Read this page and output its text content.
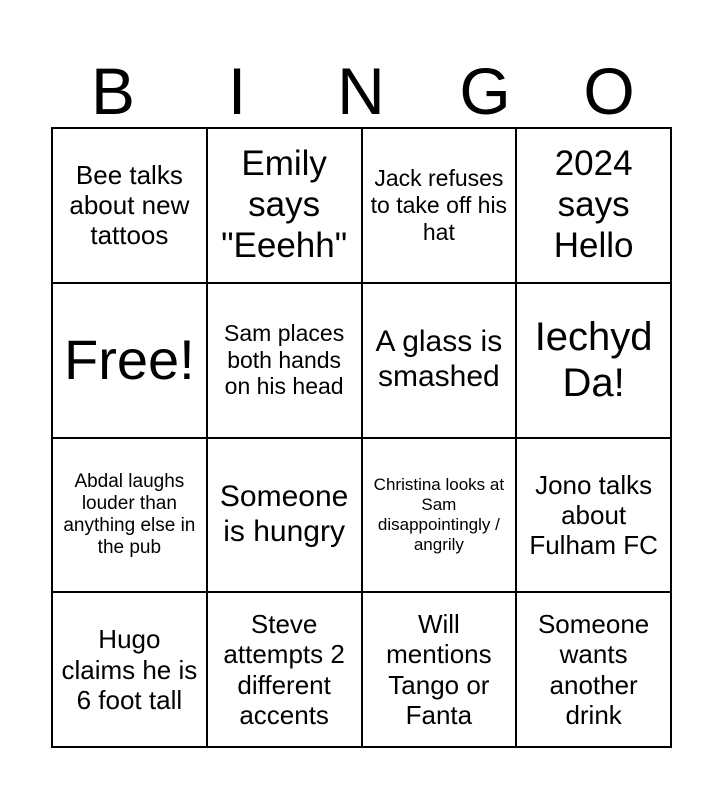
B	I	N	G	O
Bee talks about new tattoos
Emily says "Eeehh"
Jack refuses to take off his hat
2024 says Hello
Free!	Sam places both hands on his head
A glass is smashed
Iechyd Da!
Abdal laughs louder than anything else in the pub
Someone is hungry
Christina looks at Sam disappointingly / angrily
Jono talks about Fulham FC
Hugo claims he is 6 foot tall
Steve attempts 2 different accents
Will mentions Tango or Fanta
Someone wants another drink
